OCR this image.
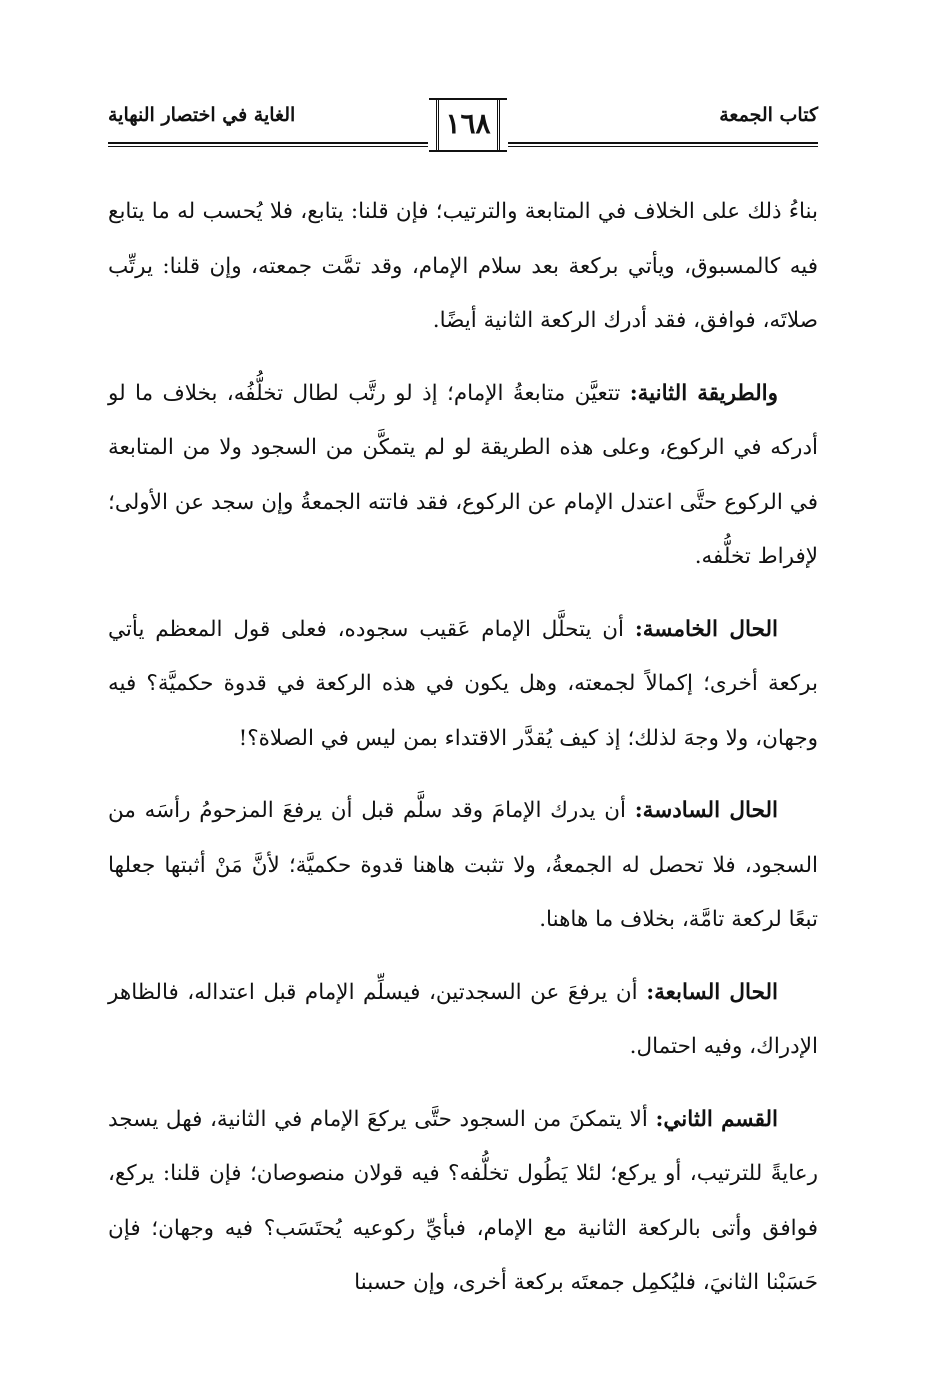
كتاب الجمعة
١٦٨
الغاية في اختصار النهاية

بناءُ ذلك على الخلاف في المتابعة والترتيب؛ فإن قلنا: يتابع، فلا يُحسب له ما يتابع فيه كالمسبوق، ويأتي بركعة بعد سلام الإمام، وقد تمَّت جمعته، وإن قلنا: يرتِّب صلاتَه، فوافق، فقد أدرك الركعة الثانية أيضًا.

والطريقة الثانية: تتعيَّن متابعةُ الإمام؛ إذ لو رتَّب لطال تخلُّفُه، بخلاف ما لو أدركه في الركوع، وعلى هذه الطريقة لو لم يتمكَّن من السجود ولا من المتابعة في الركوع حتَّى اعتدل الإمام عن الركوع، فقد فاتته الجمعةُ وإن سجد عن الأولى؛ لإفراط تخلُّفه.

الحال الخامسة: أن يتحلَّل الإمام عَقيب سجوده، فعلى قول المعظم يأتي بركعة أخرى؛ إكمالاً لجمعته، وهل يكون في هذه الركعة في قدوة حكميَّة؟ فيه وجهان، ولا وجهَ لذلك؛ إذ كيف يُقدَّر الاقتداء بمن ليس في الصلاة؟!

الحال السادسة: أن يدرك الإمامَ وقد سلَّم قبل أن يرفعَ المزحومُ رأسَه من السجود، فلا تحصل له الجمعةُ، ولا تثبت هاهنا قدوة حكميَّة؛ لأنَّ مَنْ أثبتها جعلها تبعًا لركعة تامَّة، بخلاف ما هاهنا.

الحال السابعة: أن يرفعَ عن السجدتين، فيسلِّم الإمام قبل اعتداله، فالظاهر الإدراك، وفيه احتمال.

القسم الثاني: ألا يتمكنَ من السجود حتَّى يركعَ الإمام في الثانية، فهل يسجد رعايةً للترتيب، أو يركع؛ لئلا يَطُول تخلُّفه؟ فيه قولان منصوصان؛ فإن قلنا: يركع، فوافق وأتى بالركعة الثانية مع الإمام، فبأيِّ ركوعيه يُحتَسَب؟ فيه وجهان؛ فإن حَسَبْنا الثانيَ، فليُكمِل جمعتَه بركعة أخرى، وإن حسبنا
